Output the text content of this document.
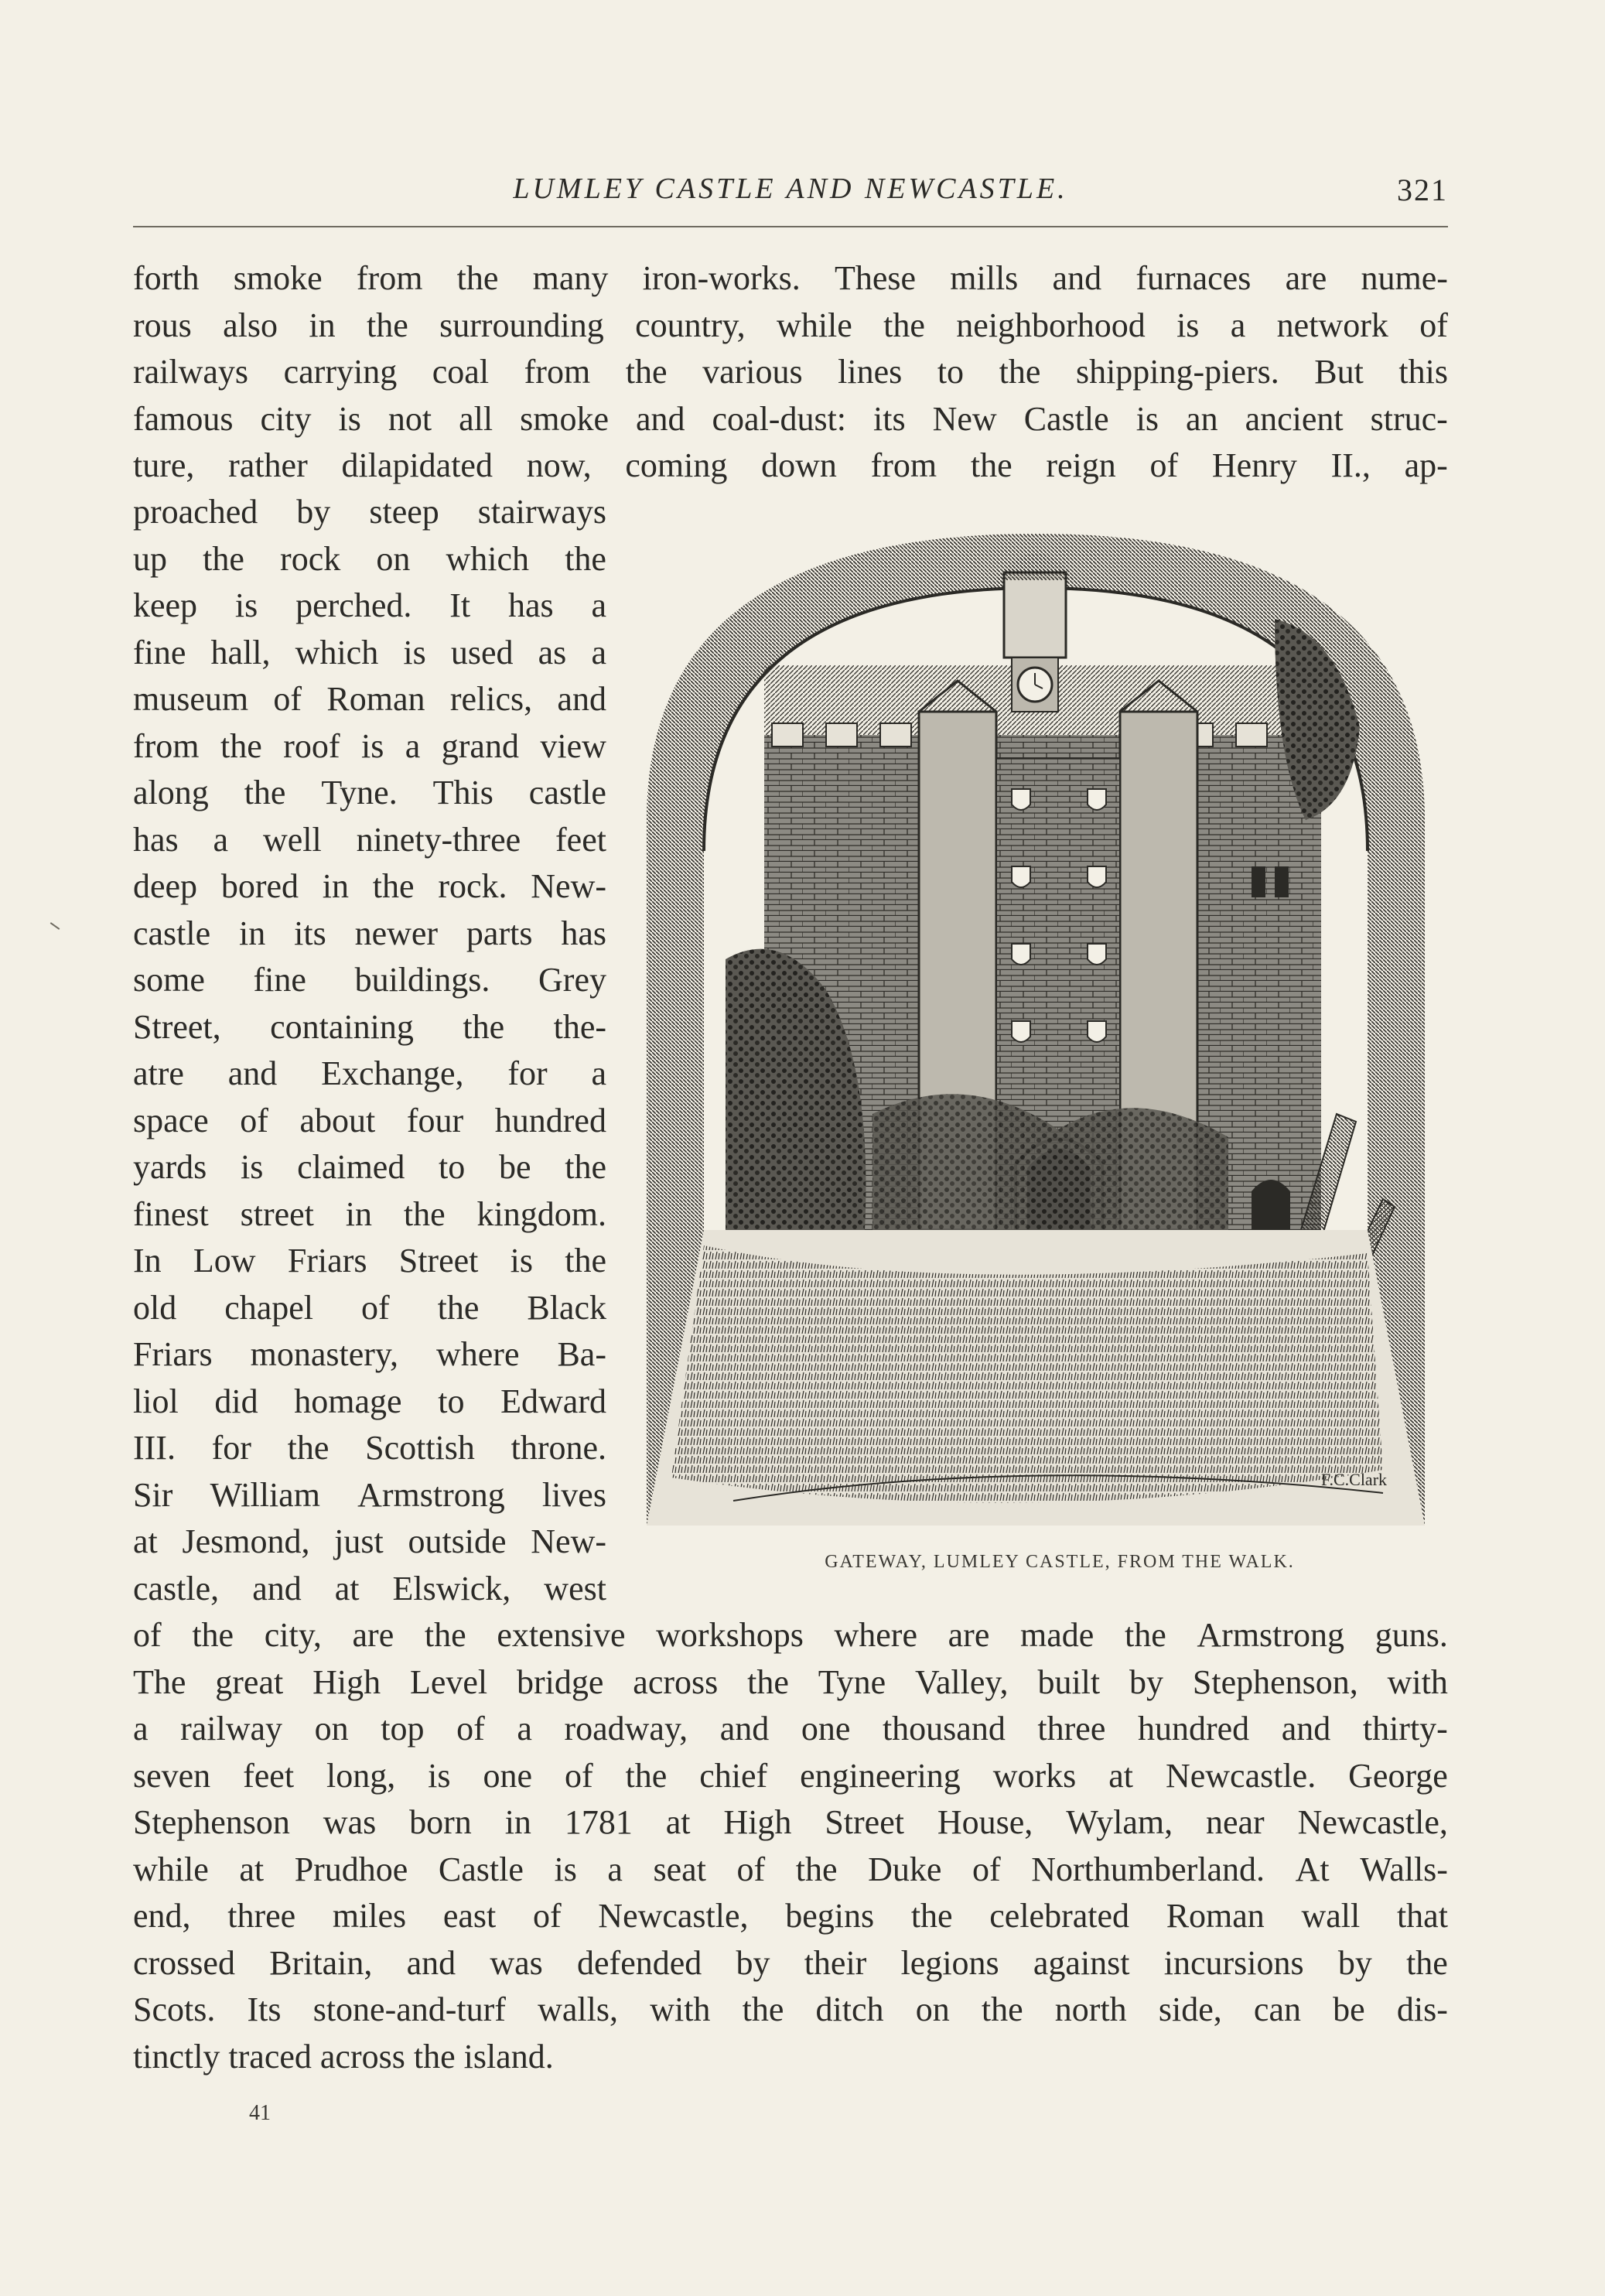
LUMLEY CASTLE AND NEWCASTLE.	321
forth smoke from the many iron-works. These mills and furnaces are nume-
rous also in the surrounding country, while the neighborhood is a network of
railways carrying coal from the various lines to the shipping-piers. But this
famous city is not all smoke and coal-dust: its New Castle is an ancient struc-
ture, rather dilapidated now, coming down from the reign of Henry II., ap-
proached by steep stairways
up the rock on which the
keep is perched. It has a
fine hall, which is used as a
museum of Roman relics, and
from the roof is a grand view
along the Tyne. This castle
has a well ninety-three feet
deep bored in the rock. New-
castle in its newer parts has
some fine buildings. Grey
Street, containing the the-
atre and Exchange, for a
space of about four hundred
yards is claimed to be the
finest street in the kingdom.
In Low Friars Street is the
old chapel of the Black
Friars monastery, where Ba-
liol did homage to Edward
III. for the Scottish throne.
Sir William Armstrong lives
at Jesmond, just outside New-
castle, and at Elswick, west
of the city, are the extensive workshops where are made the Armstrong guns.
The great High Level bridge across the Tyne Valley, built by Stephenson, with
a railway on top of a roadway, and one thousand three hundred and thirty-
seven feet long, is one of the chief engineering works at Newcastle. George
Stephenson was born in 1781 at High Street House, Wylam, near Newcastle,
while at Prudhoe Castle is a seat of the Duke of Northumberland. At Walls-
end, three miles east of Newcastle, begins the celebrated Roman wall that
crossed Britain, and was defended by their legions against incursions by the
Scots. Its stone-and-turf walls, with the ditch on the north side, can be dis-
tinctly traced across the island.
F.C.Clark
GATEWAY, LUMLEY CASTLE, FROM THE WALK.
41
